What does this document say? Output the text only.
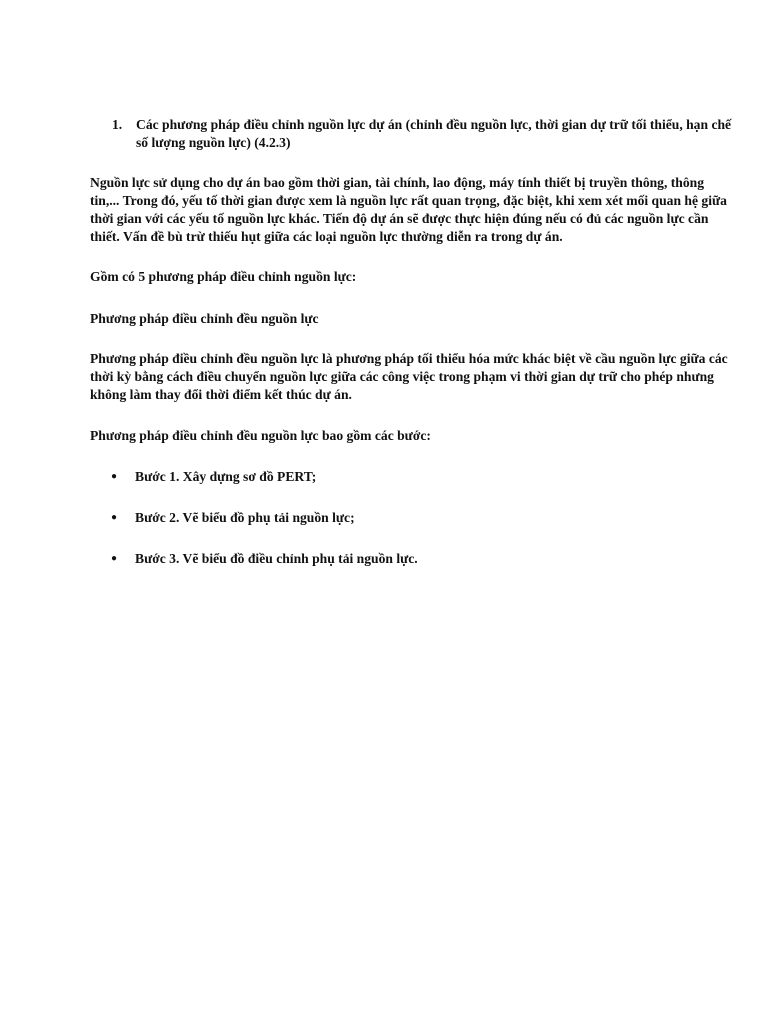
1.	Các phương pháp điều chỉnh nguồn lực dự án (chỉnh đều nguồn lực, thời gian dự trữ tối thiểu, hạn chế số lượng nguồn lực) (4.2.3)

Nguồn lực sử dụng cho dự án bao gồm thời gian, tài chính, lao động, máy tính thiết bị truyền thông, thông tin,... Trong đó, yếu tố thời gian được xem là nguồn lực rất quan trọng, đặc biệt, khi xem xét mối quan hệ giữa thời gian với các yếu tố nguồn lực khác. Tiến độ dự án sẽ được thực hiện đúng nếu có đủ các nguồn lực cần thiết. Vấn đề bù trừ thiếu hụt giữa các loại nguồn lực thường diễn ra trong dự án.

Gồm có 5 phương pháp điều chỉnh nguồn lực:

Phương pháp điều chỉnh đều nguồn lực

Phương pháp điều chỉnh đều nguồn lực là phương pháp tối thiểu hóa mức khác biệt về cầu nguồn lực giữa các thời kỳ bằng cách điều chuyển nguồn lực giữa các công việc trong phạm vi thời gian dự trữ cho phép nhưng không làm thay đổi thời điểm kết thúc dự án.

Phương pháp điều chỉnh đều nguồn lực bao gồm các bước:

●	Bước 1. Xây dựng sơ đồ PERT;
●	Bước 2. Vẽ biểu đồ phụ tải nguồn lực;
●	Bước 3. Vẽ biểu đồ điều chỉnh phụ tải nguồn lực.
